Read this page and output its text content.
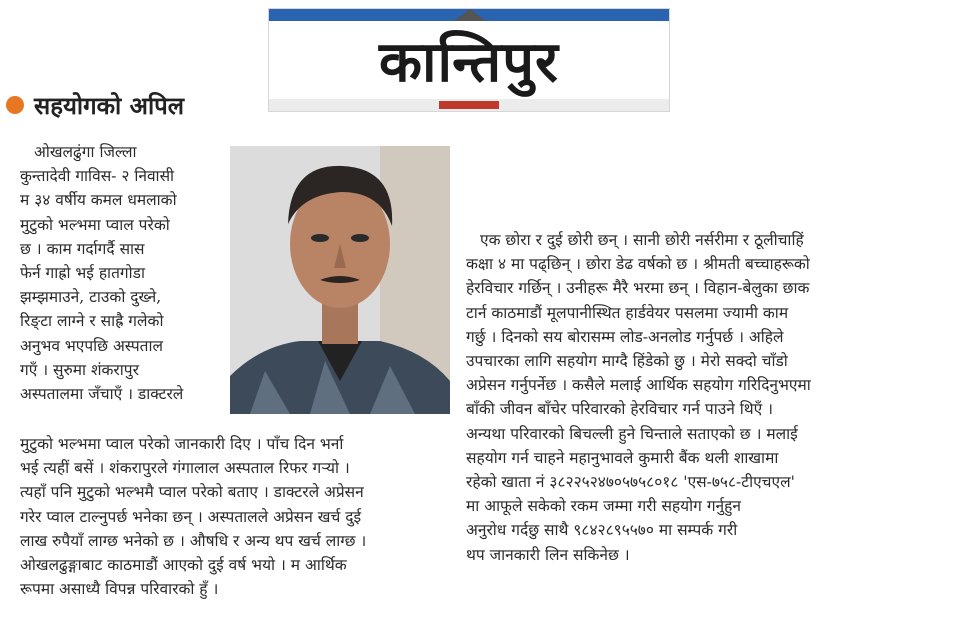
कान्तिपुर
सहयोगको अपिल
ओखलढुंगा जिल्ला
कुन्तादेवी गाविस- २ निवासी
म ३४ वर्षीय कमल धमलाको
मुटुको भल्भमा प्वाल परेको
छ । काम गर्दागर्दै सास
फेर्न गाह्रो भई हातगोडा
झम्झमाउने, टाउको दुख्ने,
रिङ्टा लाग्ने र साह्रै गलेको
अनुभव भएपछि अस्पताल
गएँ । सुरुमा शंकरापुर
अस्पतालमा जँचाएँ । डाक्टरले
मुटुको भल्भमा प्वाल परेको जानकारी दिए । पाँच दिन भर्ना
भई त्यहीं बसें । शंकरापुरले गंगालाल अस्पताल रिफर गर्‍यो ।
त्यहाँ पनि मुटुको भल्भमै प्वाल परेको बताए । डाक्टरले अप्रेसन
गरेर प्वाल टाल्नुपर्छ भनेका छन् । अस्पतालले अप्रेसन खर्च दुई
लाख रुपैयाँ लाग्छ भनेको छ । औषधि र अन्य थप खर्च लाग्छ ।
ओखलढुङ्गाबाट काठमाडौं आएको दुई वर्ष भयो । म आर्थिक
रूपमा असाध्यै विपन्न परिवारको हुँ ।
एक छोरा र दुई छोरी छन् । सानी छोरी नर्सरीमा र ठूलीचाहिं
कक्षा ४ मा पढ्छिन् । छोरा डेढ वर्षको छ । श्रीमती बच्चाहरूको
हेरविचार गर्छिन् । उनीहरू मैरै भरमा छन् । विहान-बेलुका छाक
टार्न काठमाडौं मूलपानीस्थित हार्डवेयर पसलमा ज्यामी काम
गर्छु । दिनको सय बोरासम्म लोड-अनलोड गर्नुपर्छ । अहिले
उपचारका लागि सहयोग माग्दै हिंडेको छु । मेरो सक्दो चाँडो
अप्रेसन गर्नुपर्नेछ । कसैले मलाई आर्थिक सहयोग गरिदिनुभएमा
बाँकी जीवन बाँचेर परिवारको हेरविचार गर्न पाउने थिएँ ।
अन्यथा परिवारको बिचल्ली हुने चिन्ताले सताएको छ । मलाई
सहयोग गर्न चाहने महानुभावले कुमारी बैंक थली शाखामा
रहेको खाता नं ३८२२५२४७०५७५८०१८ 'एस-७५८-टीएचएल'
मा आफूले सकेको रकम जम्मा गरी सहयोग गर्नुहुन
अनुरोध गर्दछु साथै ९८४२८९५५७० मा सम्पर्क गरी
थप जानकारी लिन सकिनेछ ।
